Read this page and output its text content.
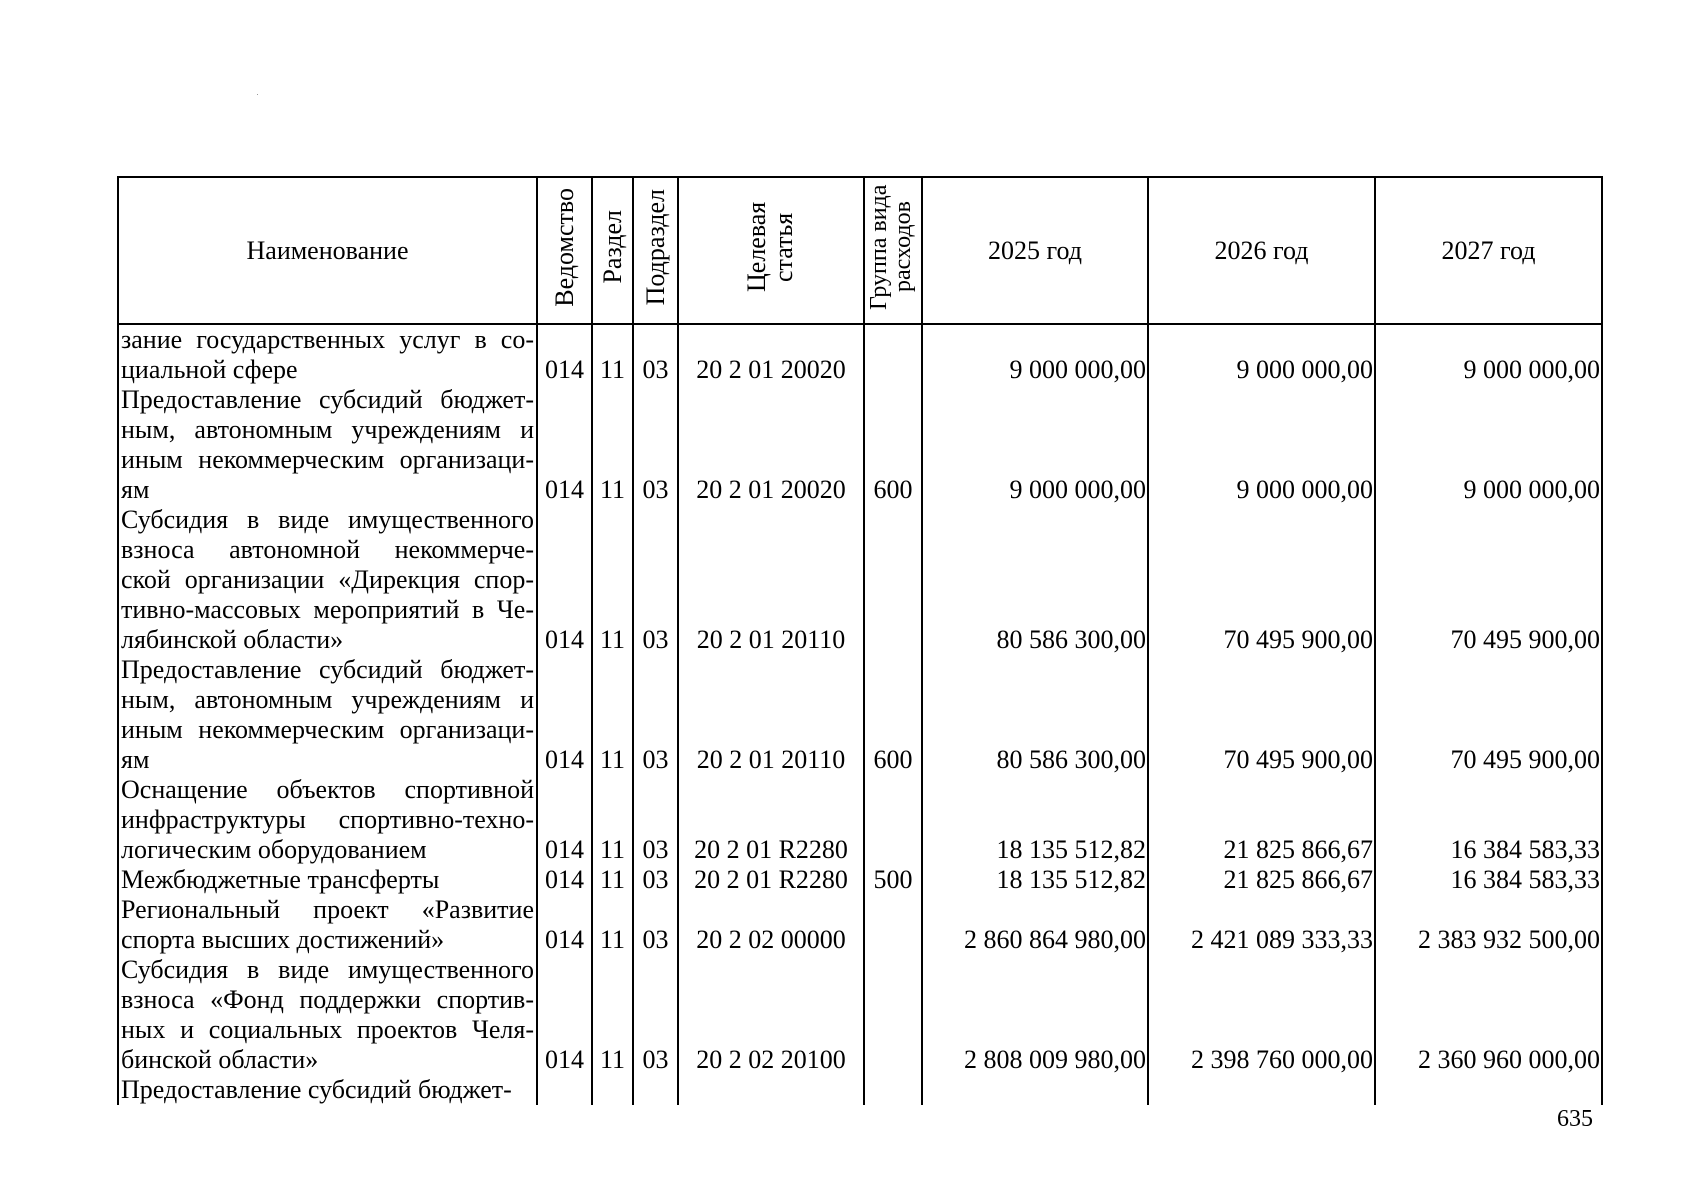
Наименование	Ведомство	Раздел	Подраздел	Целевая статья	Группа вида расходов	2025 год	2026 год	2027 год

зание государственных услуг в со-
циальной сфере	014	11	03	20 2 01 20020		9 000 000,00	9 000 000,00	9 000 000,00

Предоставление субсидий бюджет-
ным, автономным учреждениям и
иным некоммерческим организаци-
ям	014	11	03	20 2 01 20020	600	9 000 000,00	9 000 000,00	9 000 000,00

Субсидия в виде имущественного
взноса автономной некоммерче-
ской организации «Дирекция спор-
тивно-массовых мероприятий в Че-
лябинской области»	014	11	03	20 2 01 20110		80 586 300,00	70 495 900,00	70 495 900,00

Предоставление субсидий бюджет-
ным, автономным учреждениям и
иным некоммерческим организаци-
ям	014	11	03	20 2 01 20110	600	80 586 300,00	70 495 900,00	70 495 900,00

Оснащение объектов спортивной
инфраструктуры спортивно-техно-
логическим оборудованием	014	11	03	20 2 01 R2280		18 135 512,82	21 825 866,67	16 384 583,33

Межбюджетные трансферты	014	11	03	20 2 01 R2280	500	18 135 512,82	21 825 866,67	16 384 583,33

Региональный проект «Развитие
спорта высших достижений»	014	11	03	20 2 02 00000		2 860 864 980,00	2 421 089 333,33	2 383 932 500,00

Субсидия в виде имущественного
взноса «Фонд поддержки спортив-
ных и социальных проектов Челя-
бинской области»	014	11	03	20 2 02 20100		2 808 009 980,00	2 398 760 000,00	2 360 960 000,00

Предоставление субсидий бюджет-								

635
